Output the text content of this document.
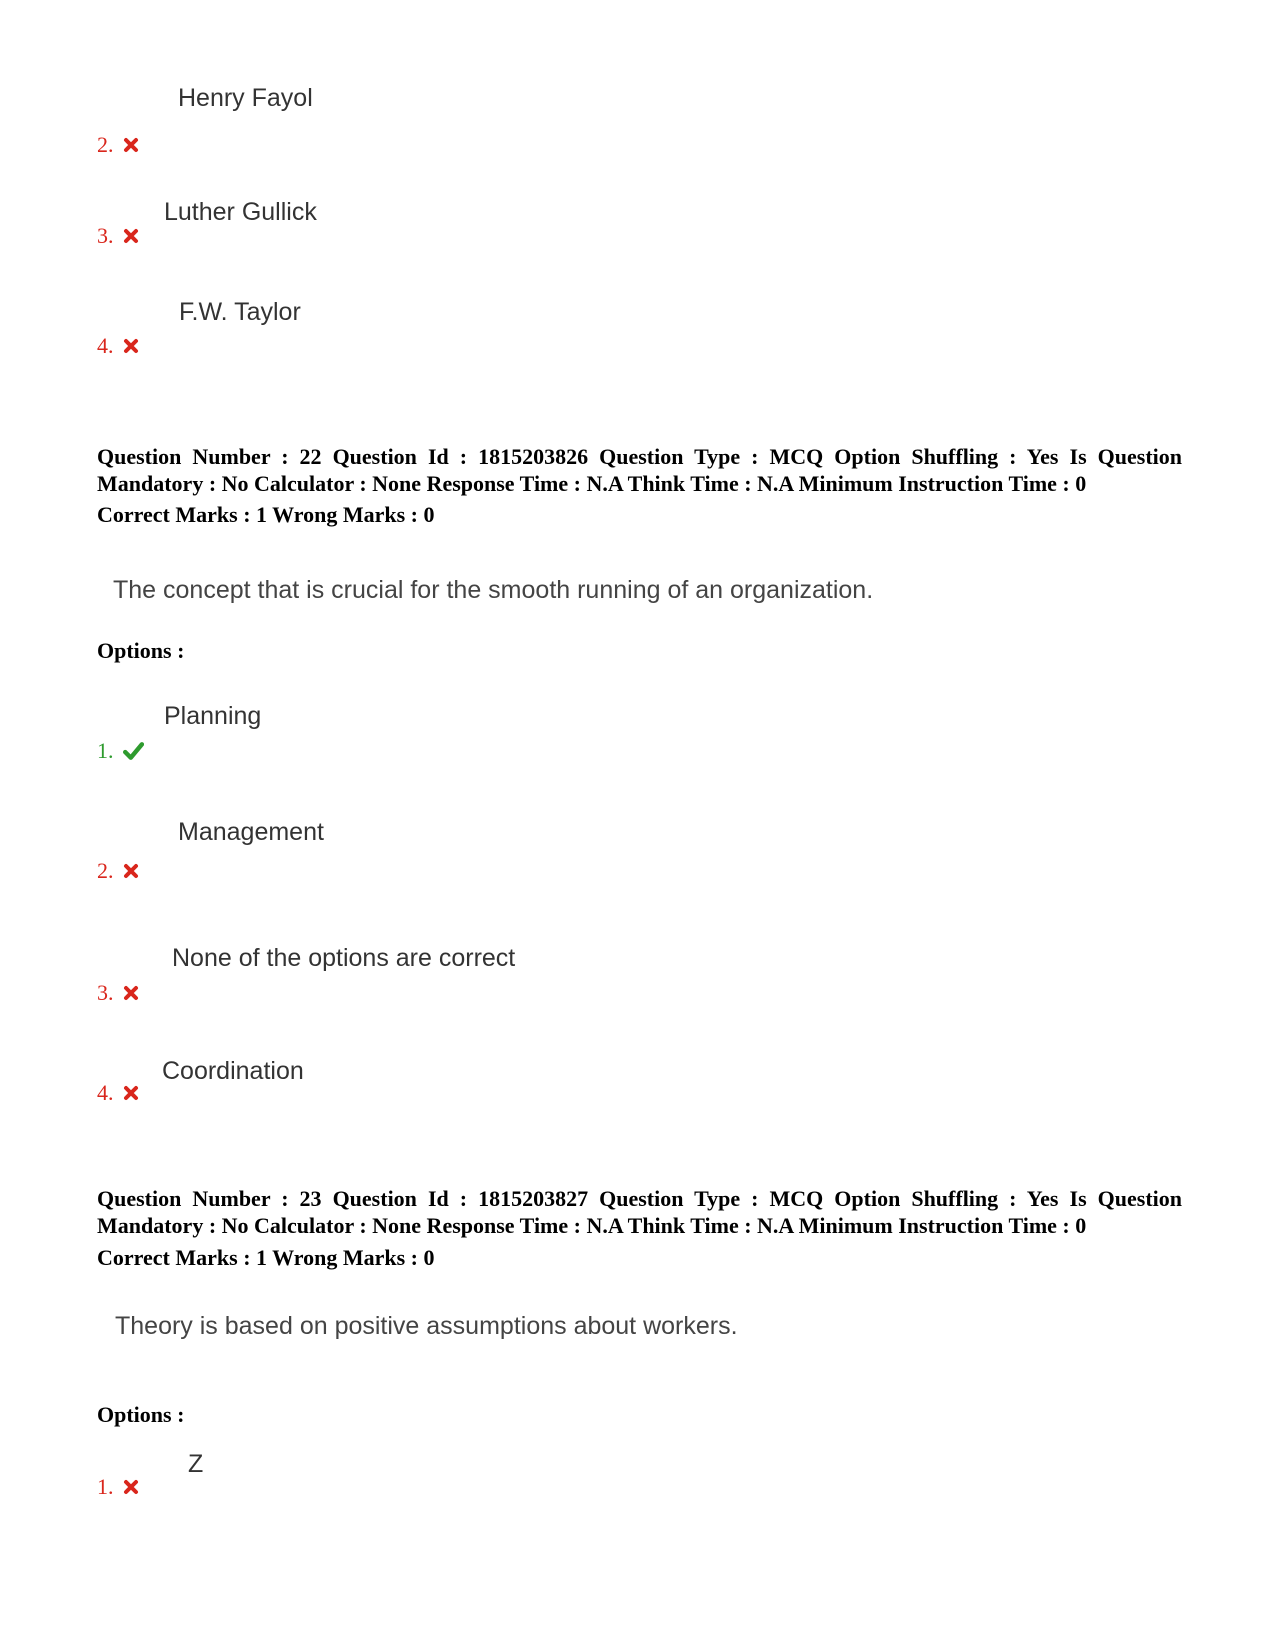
Henry Fayol
2.
Luther Gullick
3.
F.W. Taylor
4.
Question Number : 22 Question Id : 1815203826 Question Type : MCQ Option Shuffling : Yes Is Question Mandatory : No Calculator : None Response Time : N.A Think Time : N.A Minimum Instruction Time : 0
Correct Marks : 1 Wrong Marks : 0
The concept that is crucial for the smooth running of an organization.
Options :
Planning
1.
Management
2.
None of the options are correct
3.
Coordination
4.
Question Number : 23 Question Id : 1815203827 Question Type : MCQ Option Shuffling : Yes Is Question Mandatory : No Calculator : None Response Time : N.A Think Time : N.A Minimum Instruction Time : 0
Correct Marks : 1 Wrong Marks : 0
Theory is based on positive assumptions about workers.
Options :
Z
1.
